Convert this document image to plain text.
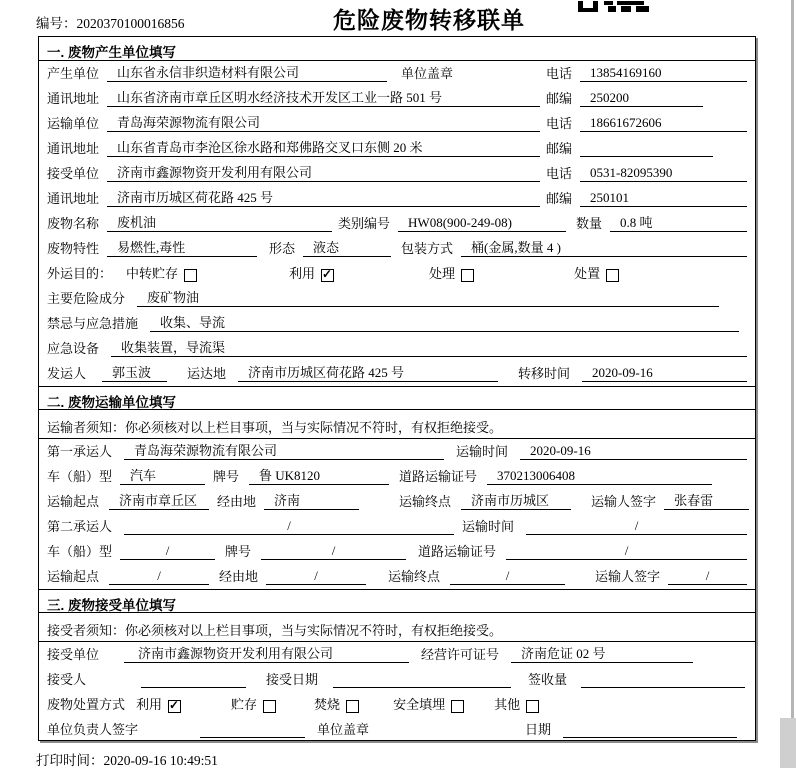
编号：2020370100016856	危险废物转移联单
一. 废物产生单位填写
产生单位	山东省永信非织造材料有限公司	单位盖章	电话	13854169160
通讯地址	山东省济南市章丘区明水经济技术开发区工业一路 501 号	邮编	250200
运输单位	青岛海荣源物流有限公司	电话	18661672606
通讯地址	山东省青岛市李沧区徐水路和郑佛路交叉口东侧 20 米	邮编
接受单位	济南市鑫源物资开发利用有限公司	电话	0531-82095390
通讯地址	济南市历城区荷花路 425 号	邮编	250101
废物名称	废机油	类别编号	HW08(900-249-08)	数量	0.8 吨
废物特性	易燃性,毒性	形态	液态	包装方式	桶(金属,数量 4 )
外运目的：	中转贮存	利用 ✓	处理	处置
主要危险成分	废矿物油
禁忌与应急措施	收集、导流
应急设备	收集装置，导流渠
发运人	郭玉波	运达地	济南市历城区荷花路 425 号	转移时间	2020-09-16
二. 废物运输单位填写
运输者须知：你必须核对以上栏目事项，当与实际情况不符时，有权拒绝接受。
第一承运人	青岛海荣源物流有限公司	运输时间	2020-09-16
车（船）型	汽车	牌号	鲁 UK8120	道路运输证号	370213006408
运输起点	济南市章丘区	经由地	济南	运输终点	济南市历城区	运输人签字	张春雷
第二承运人	/	运输时间	/
车（船）型	/	牌号	/	道路运输证号	/
运输起点	/	经由地	/	运输终点	/	运输人签字	/
三. 废物接受单位填写
接受者须知：你必须核对以上栏目事项，当与实际情况不符时，有权拒绝接受。
接受单位	济南市鑫源物资开发利用有限公司	经营许可证号	济南危证 02 号
接受人	接受日期	签收量
废物处置方式 利用 ✓	贮存	焚烧	安全填埋	其他
单位负责人签字	单位盖章	日期
打印时间：2020-09-16 10:49:51
